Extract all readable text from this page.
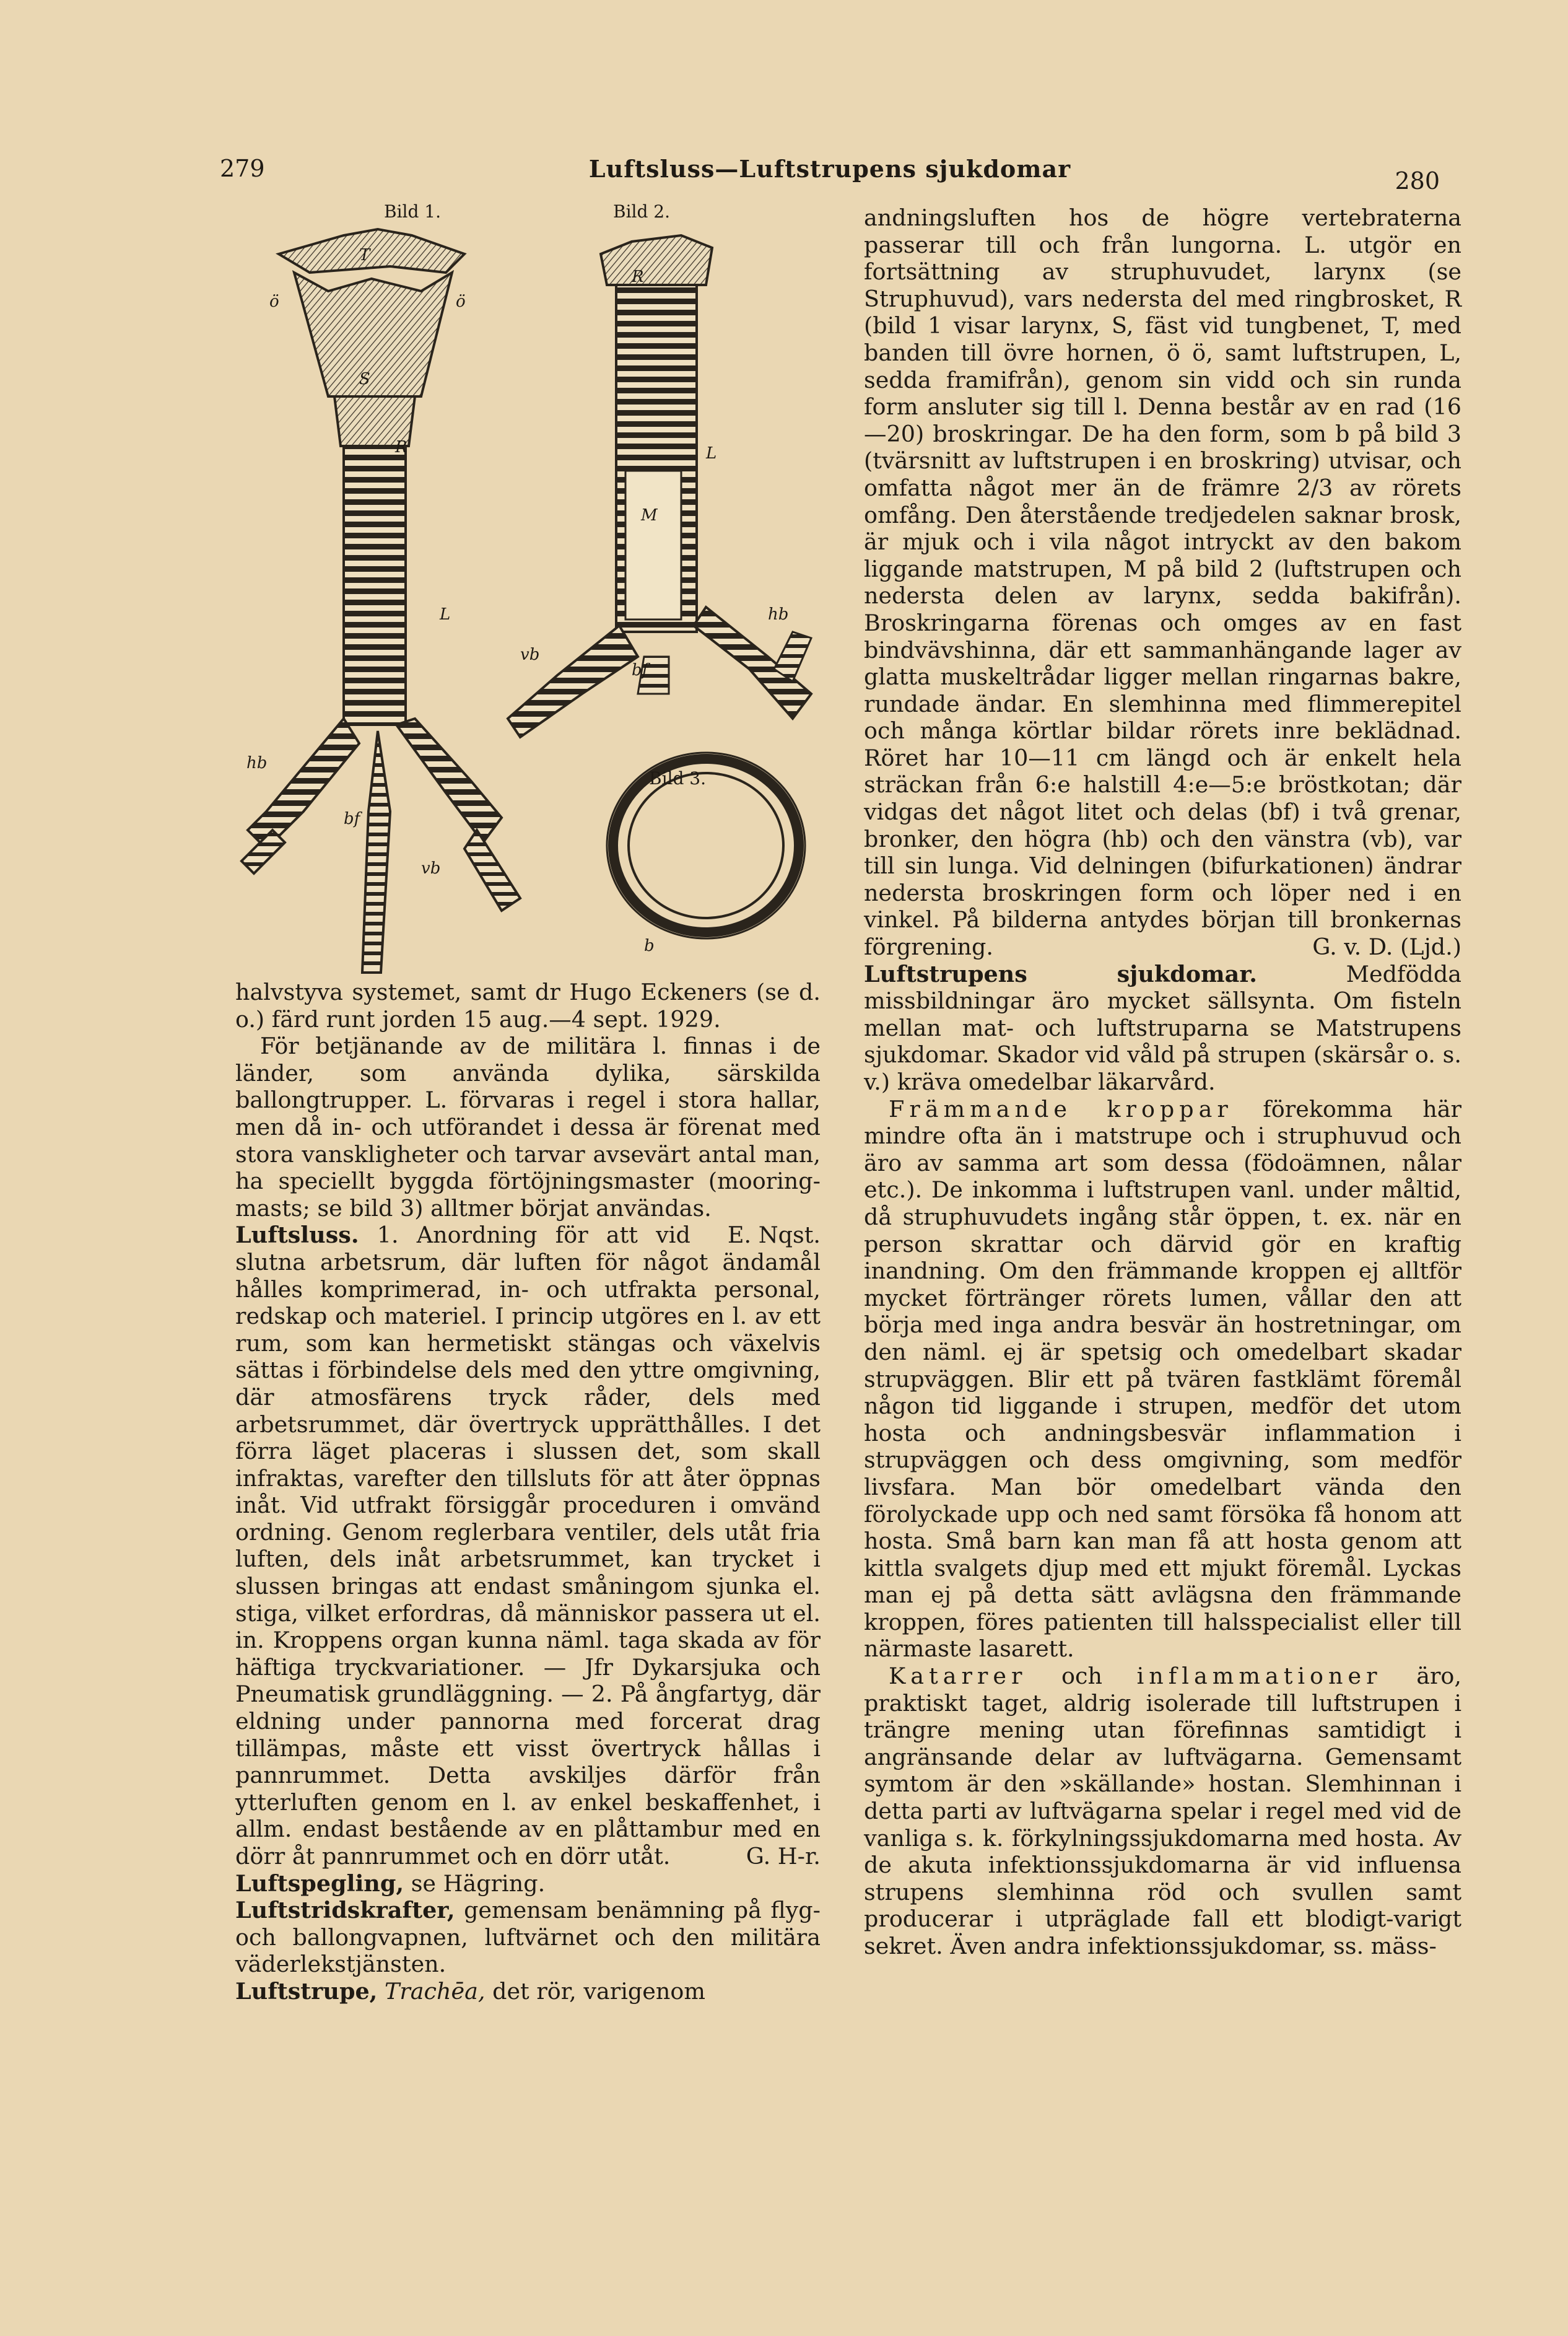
279	Luftsluss—Luftstrupens sjukdomar	280
Bild 1.
T
ö	ö
S
R
L
hb
bf
vb
R
L
M
vb
hb
bf
b
Bild 2.
Bild 3.

halvstyva systemet, samt dr Hugo Eckeners (se d. o.) färd runt jorden 15 aug.—4 sept. 1929.

För betjänande av de militära l. finnas i de länder, som använda dylika, särskilda ballongtrupper. L. förvaras i regel i stora hallar, men då in- och utförandet i dessa är förenat med stora vanskligheter och tarvar avsevärt antal man, ha speciellt byggda förtöjningsmaster (mooring-masts; se bild 3) alltmer börjat användas.
E. Nqst.

Luftsluss. 1. Anordning för att vid slutna arbetsrum, där luften för något ändamål hålles komprimerad, in- och utfrakta personal, redskap och materiel. I princip utgöres en l. av ett rum, som kan hermetiskt stängas och växelvis sättas i förbindelse dels med den yttre omgivning, där atmosfärens tryck råder, dels med arbetsrummet, där övertryck upprätthålles. I det förra läget placeras i slussen det, som skall infraktas, varefter den tillsluts för att åter öppnas inåt. Vid utfrakt försiggår proceduren i omvänd ordning. Genom reglerbara ventiler, dels utåt fria luften, dels inåt arbetsrummet, kan trycket i slussen bringas att endast småningom sjunka el. stiga, vilket erfordras, då människor passera ut el. in. Kroppens organ kunna näml. taga skada av för häftiga tryckvariationer. — Jfr Dykarsjuka och Pneumatisk grundläggning. — 2. På ångfartyg, där eldning under pannorna med forcerat drag tillämpas, måste ett visst övertryck hållas i pannrummet. Detta avskiljes därför från ytterluften genom en l. av enkel beskaffenhet, i allm. endast bestående av en plåttambur med en dörr åt pannrummet och en dörr utåt.	G. H-r.

Luftspegling, se Hägring.

Luftstridskrafter, gemensam benämning på flyg- och ballongvapnen, luftvärnet och den militära väderlekstjänsten.

Luftstrupe, Trachēa, det rör, varigenom

andningsluften hos de högre vertebraterna passerar till och från lungorna. L. utgör en fortsättning av struphuvudet, larynx (se Struphuvud), vars nedersta del med ringbrosket, R (bild 1 visar larynx, S, fäst vid tungbenet, T, med banden till övre hornen, ö ö, samt luftstrupen, L, sedda framifrån), genom sin vidd och sin runda form ansluter sig till l. Denna består av en rad (16—20) broskringar. De ha den form, som b på bild 3 (tvärsnitt av luftstrupen i en broskring) utvisar, och omfatta något mer än de främre 2/3 av rörets omfång. Den återstående tredjedelen saknar brosk, är mjuk och i vila något intryckt av den bakom liggande matstrupen, M på bild 2 (luftstrupen och nedersta delen av larynx, sedda bakifrån). Broskringarna förenas och omges av en fast bindvävshinna, där ett sammanhängande lager av glatta muskeltrådar ligger mellan ringarnas bakre, rundade ändar. En slemhinna med flimmerepitel och många körtlar bildar rörets inre beklädnad. Röret har 10—11 cm längd och är enkelt hela sträckan från 6:e halstill 4:e—5:e bröstkotan; där vidgas det något litet och delas (bf) i två grenar, bronker, den högra (hb) och den vänstra (vb), var till sin lunga. Vid delningen (bifurkationen) ändrar nedersta broskringen form och löper ned i en vinkel. På bilderna antydes början till bronkernas förgrening.	G. v. D. (Ljd.)

Luftstrupens sjukdomar.	Medfödda missbildningar äro mycket sällsynta. Om fisteln mellan mat- och luftstruparna se Matstrupens sjukdomar. Skador vid våld på strupen (skärsår o. s. v.) kräva omedelbar läkarvård.

Främmande kroppar förekomma här mindre ofta än i matstrupe och i struphuvud och äro av samma art som dessa (födoämnen, nålar etc.). De inkomma i luftstrupen vanl. under måltid, då struphuvudets ingång står öppen, t. ex. när en person skrattar och därvid gör en kraftig inandning. Om den främmande kroppen ej alltför mycket förtränger rörets lumen, vållar den att börja med inga andra besvär än hostretningar, om den näml. ej är spetsig och omedelbart skadar strupväggen. Blir ett på tvären fastklämt föremål någon tid liggande i strupen, medför det utom hosta och andningsbesvär inflammation i strupväggen och dess omgivning, som medför livsfara. Man bör omedelbart vända den förolyckade upp och ned samt försöka få honom att hosta. Små barn kan man få att hosta genom att kittla svalgets djup med ett mjukt föremål. Lyckas man ej på detta sätt avlägsna den främmande kroppen, föres patienten till halsspecialist eller till närmaste lasarett.

Katarrer och inflammationer äro, praktiskt taget, aldrig isolerade till luftstrupen i trängre mening utan förefinnas samtidigt i angränsande delar av luftvägarna. Gemensamt symtom är den »skällande» hostan. Slemhinnan i detta parti av luftvägarna spelar i regel med vid de vanliga s. k. förkylningssjukdomarna med hosta. Av de akuta infektionssjukdomarna är vid influensa strupens slemhinna röd och svullen samt producerar i utpräglade fall ett blodigt-varigt sekret. Även andra infektionssjukdomar, ss. mäss-
